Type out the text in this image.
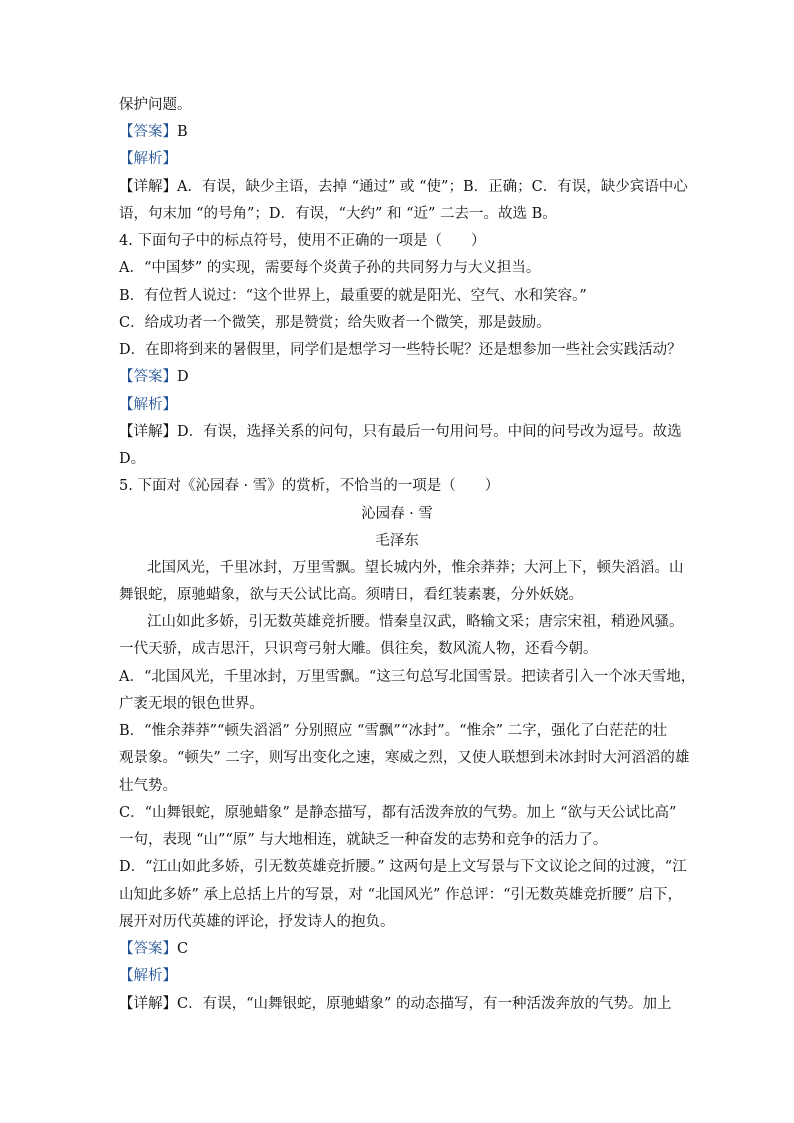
保护问题。
【答案】B
【解析】
【详解】A．有误，缺少主语，去掉 “通过” 或 “使”；B．正确；C．有误，缺少宾语中心
语，句末加 “的号角”；D．有误，“大约” 和 “近” 二去一。故选 B。
4. 下面句子中的标点符号，使用不正确的一项是（　　）
A．“中国梦” 的实现，需要每个炎黄子孙的共同努力与大义担当。
B．有位哲人说过：“这个世界上，最重要的就是阳光、空气、水和笑容。”
C．给成功者一个微笑，那是赞赏；给失败者一个微笑，那是鼓励。
D．在即将到来的暑假里，同学们是想学习一些特长呢？还是想参加一些社会实践活动？
【答案】D
【解析】
【详解】D．有误，选择关系的问句，只有最后一句用问号。中间的问号改为逗号。故选
D。
5. 下面对《沁园春 · 雪》的赏析，不恰当的一项是（　　）
沁园春 · 雪
毛泽东
北国风光，千里冰封，万里雪飘。望长城内外，惟余莽莽；大河上下，顿失滔滔。山
舞银蛇，原驰蜡象，欲与天公试比高。须晴日，看红装素裹，分外妖娆。
江山如此多娇，引无数英雄竞折腰。惜秦皇汉武，略输文采；唐宗宋祖，稍逊风骚。
一代天骄，成吉思汗，只识弯弓射大雕。俱往矣，数风流人物，还看今朝。
A．“北国风光，千里冰封，万里雪飘。“这三句总写北国雪景。把读者引入一个冰天雪地，
广袤无垠的银色世界。
B．“惟余莽莽”“顿失滔滔” 分别照应 “雪飘”“冰封”。“惟余” 二字，强化了白茫茫的壮
观景象。“顿失” 二字，则写出变化之速，寒威之烈，又使人联想到未冰封时大河滔滔的雄
壮气势。
C．“山舞银蛇，原驰蜡象” 是静态描写，都有活泼奔放的气势。加上 “欲与天公试比高”
一句，表现 “山”“原” 与大地相连，就缺乏一种奋发的志势和竞争的活力了。
D．“江山如此多娇，引无数英雄竞折腰。” 这两句是上文写景与下文议论之间的过渡，“江
山知此多娇” 承上总括上片的写景，对 “北国风光” 作总评：“引无数英雄竞折腰” 启下，
展开对历代英雄的评论，抒发诗人的抱负。
【答案】C
【解析】
【详解】C．有误，“山舞银蛇，原驰蜡象” 的动态描写，有一种活泼奔放的气势。加上
